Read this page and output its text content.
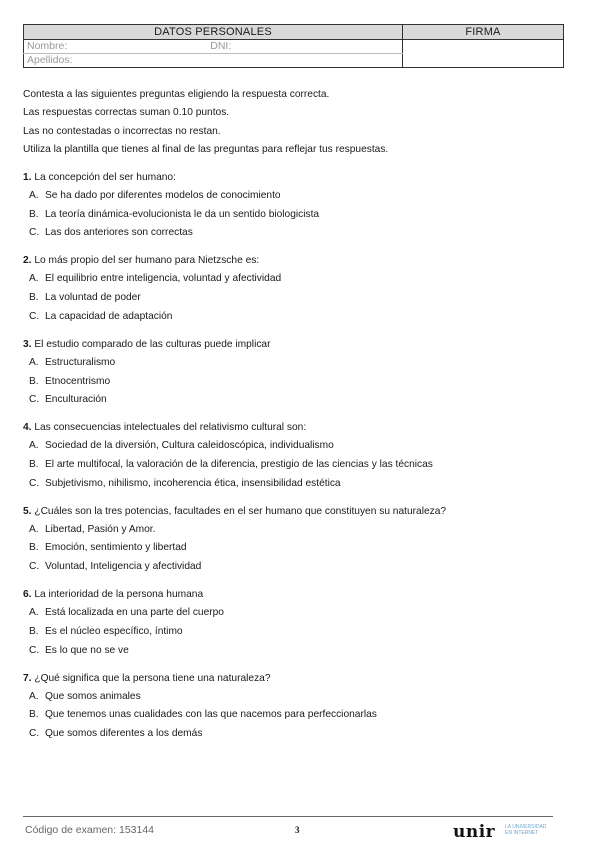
DATOS PERSONALES	FIRMA
Nombre: DNI:	
Apellidos:	

Contesta a las siguientes preguntas eligiendo la respuesta correcta.

Las respuestas correctas suman 0.10 puntos.

Las no contestadas o incorrectas no restan.

Utiliza la plantilla que tienes al final de las preguntas para reflejar tus respuestas.

1. La concepción del ser humano:
A. Se ha dado por diferentes modelos de conocimiento
B. La teoría dinámica-evolucionista le da un sentido biologicista
C. Las dos anteriores son correctas
2. Lo más propio del ser humano para Nietzsche es:
A. El equilibrio entre inteligencia, voluntad y afectividad
B. La voluntad de poder
C. La capacidad de adaptación
3. El estudio comparado de las culturas puede implicar
A. Estructuralismo
B. Etnocentrismo
C. Enculturación
4. Las consecuencias intelectuales del relativismo cultural son:
A. Sociedad de la diversión, Cultura caleidoscópica, individualismo
B. El arte multifocal, la valoración de la diferencia, prestigio de las ciencias y las técnicas
C. Subjetivismo, nihilismo, incoherencia ética, insensibilidad estética
5. ¿Cuáles son la tres potencias, facultades en el ser humano que constituyen su naturaleza?
A. Libertad, Pasión y Amor.
B. Emoción, sentimiento y libertad
C. Voluntad, Inteligencia y afectividad
6. La interioridad de la persona humana
A. Está localizada en una parte del cuerpo
B. Es el núcleo específico, íntimo
C. Es lo que no se ve
7. ¿Qué significa que la persona tiene una naturaleza?
A. Que somos animales
B. Que tenemos unas cualidades con las que nacemos para perfeccionarlas
C. Que somos diferentes a los demás
Código de examen: 153144	3	unir LA UNIVERSIDAD
EN INTERNET
